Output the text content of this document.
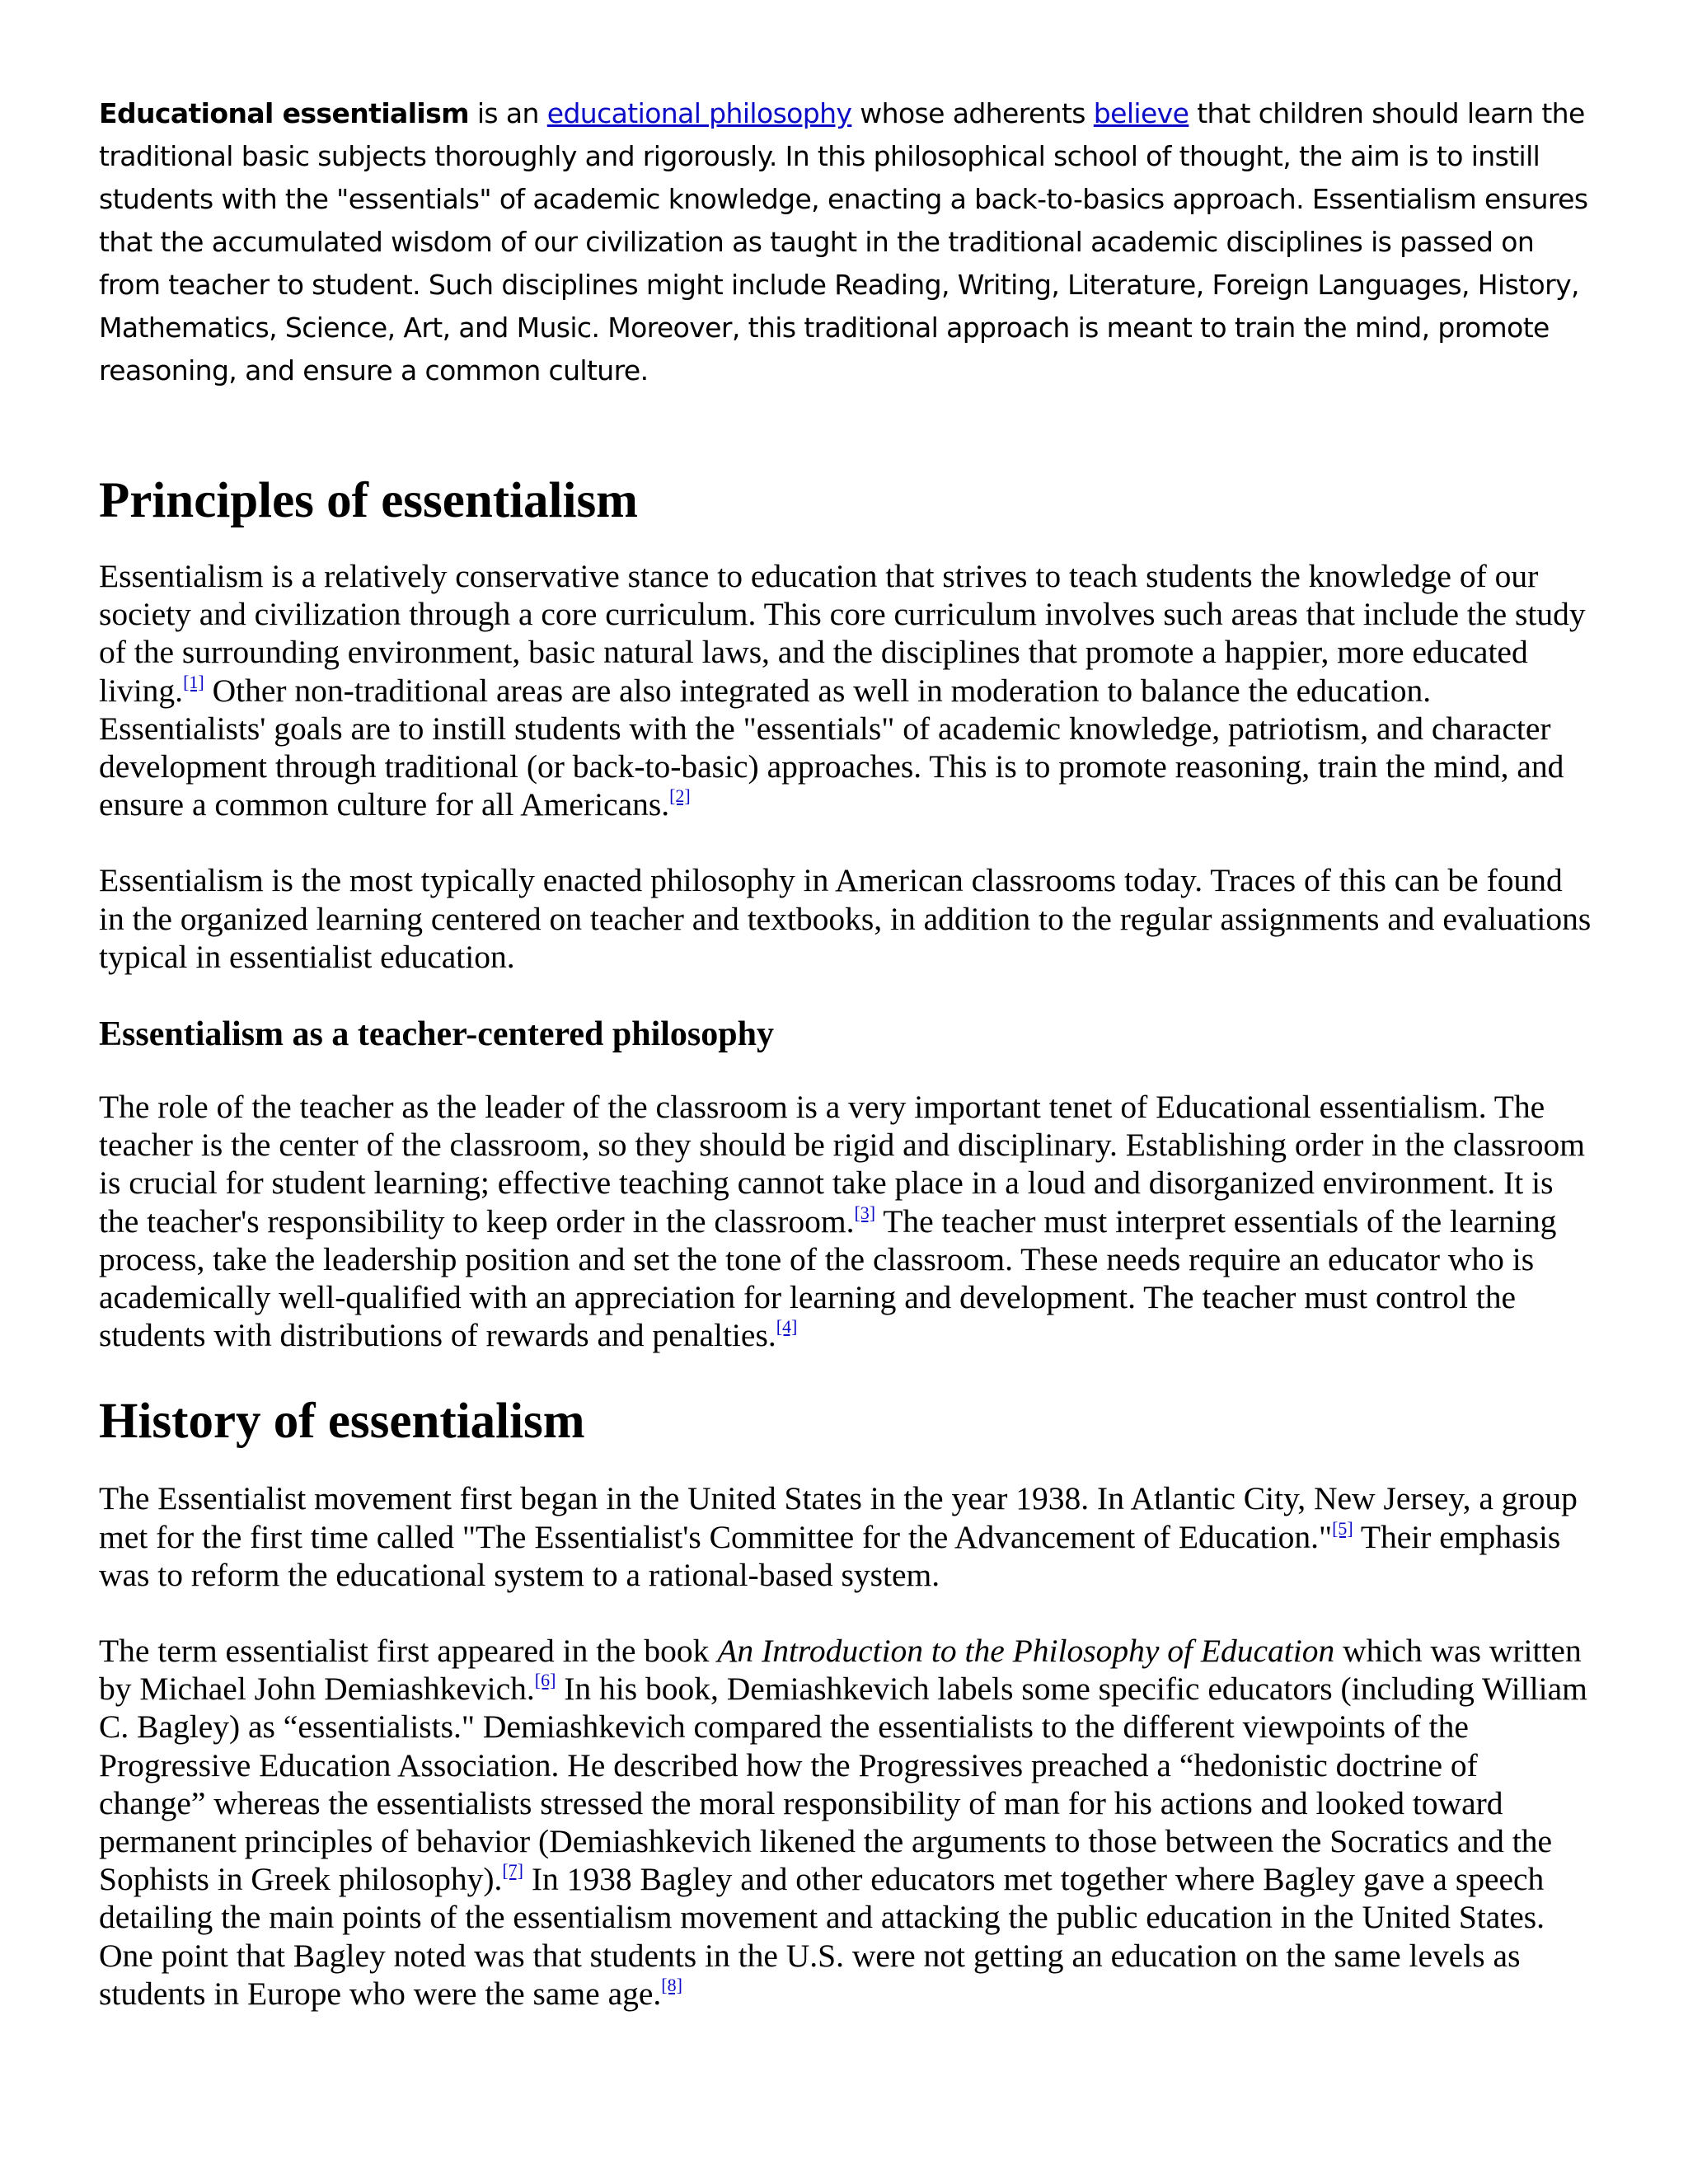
Educational essentialism is an educational philosophy whose adherents believe that children should learn the traditional basic subjects thoroughly and rigorously. In this philosophical school of thought, the aim is to instill students with the "essentials" of academic knowledge, enacting a back-to-basics approach. Essentialism ensures that the accumulated wisdom of our civilization as taught in the traditional academic disciplines is passed on from teacher to student. Such disciplines might include Reading, Writing, Literature, Foreign Languages, History, Mathematics, Science, Art, and Music. Moreover, this traditional approach is meant to train the mind, promote reasoning, and ensure a common culture.

Principles of essentialism

Essentialism is a relatively conservative stance to education that strives to teach students the knowledge of our society and civilization through a core curriculum. This core curriculum involves such areas that include the study of the surrounding environment, basic natural laws, and the disciplines that promote a happier, more educated living.[1] Other non-traditional areas are also integrated as well in moderation to balance the education. Essentialists' goals are to instill students with the "essentials" of academic knowledge, patriotism, and character development through traditional (or back-to-basic) approaches. This is to promote reasoning, train the mind, and ensure a common culture for all Americans.[2]

Essentialism is the most typically enacted philosophy in American classrooms today. Traces of this can be found in the organized learning centered on teacher and textbooks, in addition to the regular assignments and evaluations typical in essentialist education.

Essentialism as a teacher-centered philosophy

The role of the teacher as the leader of the classroom is a very important tenet of Educational essentialism. The teacher is the center of the classroom, so they should be rigid and disciplinary. Establishing order in the classroom is crucial for student learning; effective teaching cannot take place in a loud and disorganized environment. It is the teacher's responsibility to keep order in the classroom.[3] The teacher must interpret essentials of the learning process, take the leadership position and set the tone of the classroom. These needs require an educator who is academically well-qualified with an appreciation for learning and development. The teacher must control the students with distributions of rewards and penalties.[4]

History of essentialism

The Essentialist movement first began in the United States in the year 1938. In Atlantic City, New Jersey, a group met for the first time called "The Essentialist's Committee for the Advancement of Education."[5] Their emphasis was to reform the educational system to a rational-based system.

The term essentialist first appeared in the book An Introduction to the Philosophy of Education which was written by Michael John Demiashkevich.[6] In his book, Demiashkevich labels some specific educators (including William C. Bagley) as “essentialists." Demiashkevich compared the essentialists to the different viewpoints of the Progressive Education Association. He described how the Progressives preached a “hedonistic doctrine of change” whereas the essentialists stressed the moral responsibility of man for his actions and looked toward permanent principles of behavior (Demiashkevich likened the arguments to those between the Socratics and the Sophists in Greek philosophy).[7] In 1938 Bagley and other educators met together where Bagley gave a speech detailing the main points of the essentialism movement and attacking the public education in the United States. One point that Bagley noted was that students in the U.S. were not getting an education on the same levels as students in Europe who were the same age.[8]
